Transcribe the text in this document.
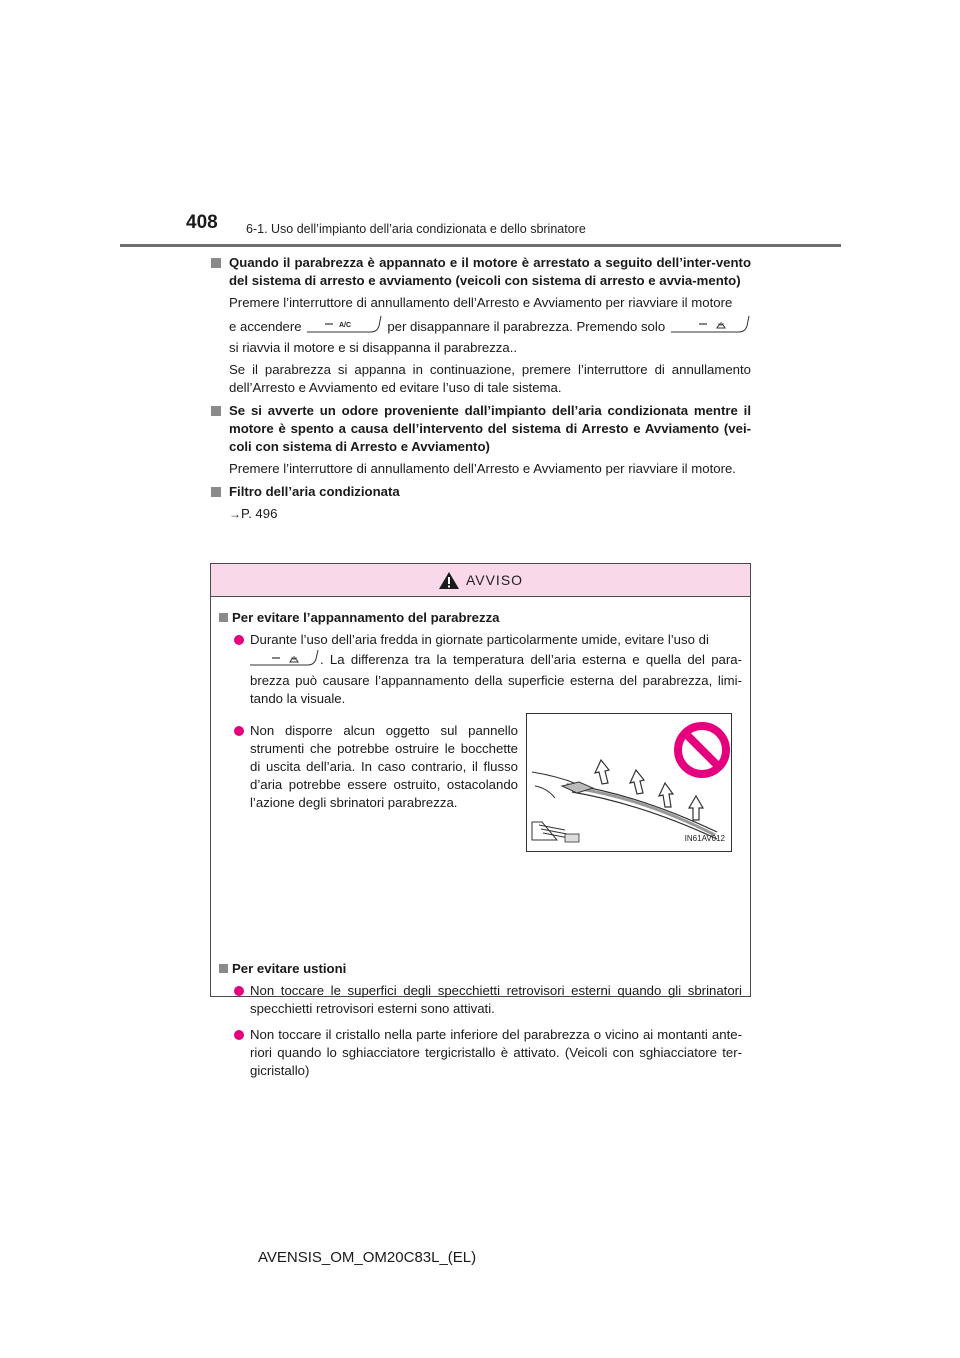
408 6-1. Uso dell’impianto dell’aria condizionata e dello sbrinatore
Quando il parabrezza è appannato e il motore è arrestato a seguito dell’inter-vento del sistema di arresto e avviamento (veicoli con sistema di arresto e avvia-mento)
Premere l’interruttore di annullamento dell’Arresto e Avviamento per riavviare il motore
e accendere	A/C	per disappannare il parabrezza. Premendo solo
si riavvia il motore e si disappanna il parabrezza..
Se il parabrezza si appanna in continuazione, premere l’interruttore di annullamento dell’Arresto e Avviamento ed evitare l’uso di tale sistema.
Se si avverte un odore proveniente dall’impianto dell’aria condizionata mentre il motore è spento a causa dell’intervento del sistema di Arresto e Avviamento (vei-coli con sistema di Arresto e Avviamento)
Premere l’interruttore di annullamento dell’Arresto e Avviamento per riavviare il motore.
Filtro dell’aria condizionata
→P. 496
AVVISO
Per evitare l’appannamento del parabrezza
Durante l’uso dell’aria fredda in giornate particolarmente umide, evitare l’uso di
. La differenza tra la temperatura dell’aria esterna e quella del para-brezza può causare l’appannamento della superficie esterna del parabrezza, limi-tando la visuale.
Non disporre alcun oggetto sul pannello strumenti che potrebbe ostruire le bocchette di uscita dell’aria. In caso contrario, il flusso d’aria potrebbe essere ostruito, ostacolando l’azione degli sbrinatori parabrezza.
IN61AV012
Per evitare ustioni
Non toccare le superfici degli specchietti retrovisori esterni quando gli sbrinatori specchietti retrovisori esterni sono attivati.
Non toccare il cristallo nella parte inferiore del parabrezza o vicino ai montanti ante-riori quando lo sghiacciatore tergicristallo è attivato. (Veicoli con sghiacciatore ter-gicristallo)
AVENSIS_OM_OM20C83L_(EL)
